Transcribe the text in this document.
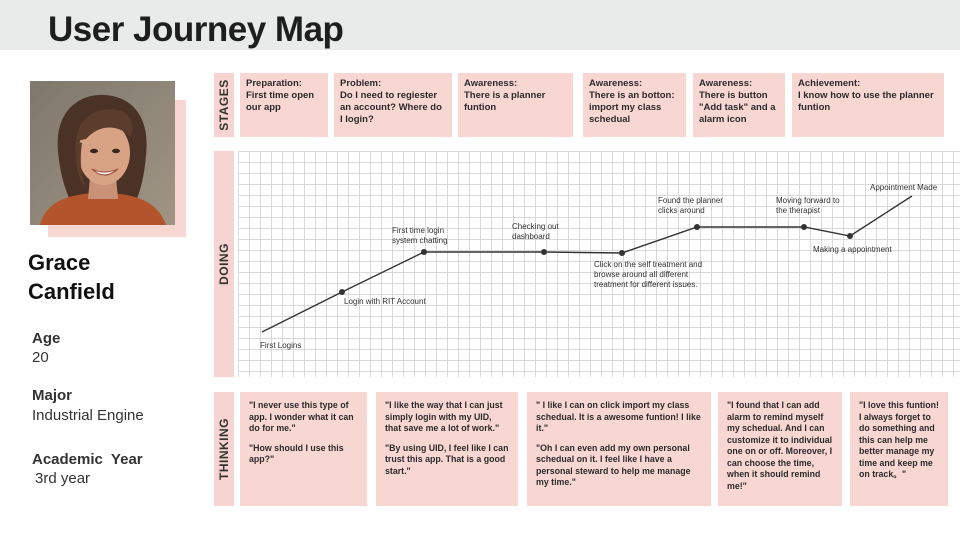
User Journey Map
Grace Canfield
Age
20
Major
Industrial Engine
Academic  Year
3rd year
STAGES
DOING
THINKING
Preparation:
First time open our app
Problem:
Do I need to regiester an account? Where do I login?
Awareness:
There is a planner funtion
Awareness:
There is an botton: import my class schedual
Awareness:
There is button "Add task" and a alarm icon
Achievement:
I know how to use the planner funtion
First Logins
Login with RIT Account
First time login system chatting
Checking out dashboard
Click on the self treatment and browse around all different treatment for different issues.
Found the planner clicks around
Moving forward to the therapist
Making a appointment
Appointment Made

"I never use this type of app. I wonder what it can do for me."

"How should I use this app?"

"I like the way that I can just simply login with my UID, that save me a lot of work."

"By using UID, I feel like I can trust this app. That is a good start."

" I like I can on click import my class schedual. It is a awesome funtion! I like it."

"Oh I can even add my own personal schedual on it. I feel like I have a personal steward to help me manage my time."

"I found that I can add alarm to remind myself my schedual. And I can customize it to individual one on or off. Moreover, I can choose the time, when it should remind me!"

"I love this funtion! I always forget to do something and this can help me better manage my time and keep me on track。"
